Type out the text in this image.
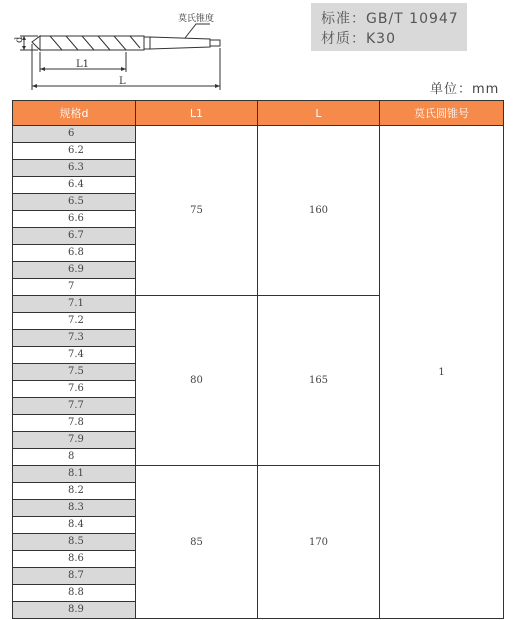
莫氏锥度
d
L1
L
标准：GB/T 10947
材质：K30
单位：mm
规格d	L1	L	莫氏圆锥号
6	75	160	1
6.2			
6.3			
6.4			
6.5			
6.6			
6.7			
6.8			
6.9			
7			
7.1	80	165	
7.2			
7.3			
7.4			
7.5			
7.6			
7.7			
7.8			
7.9			
8			
8.1	85	170	
8.2			
8.3			
8.4			
8.5			
8.6			
8.7			
8.8			
8.9			
